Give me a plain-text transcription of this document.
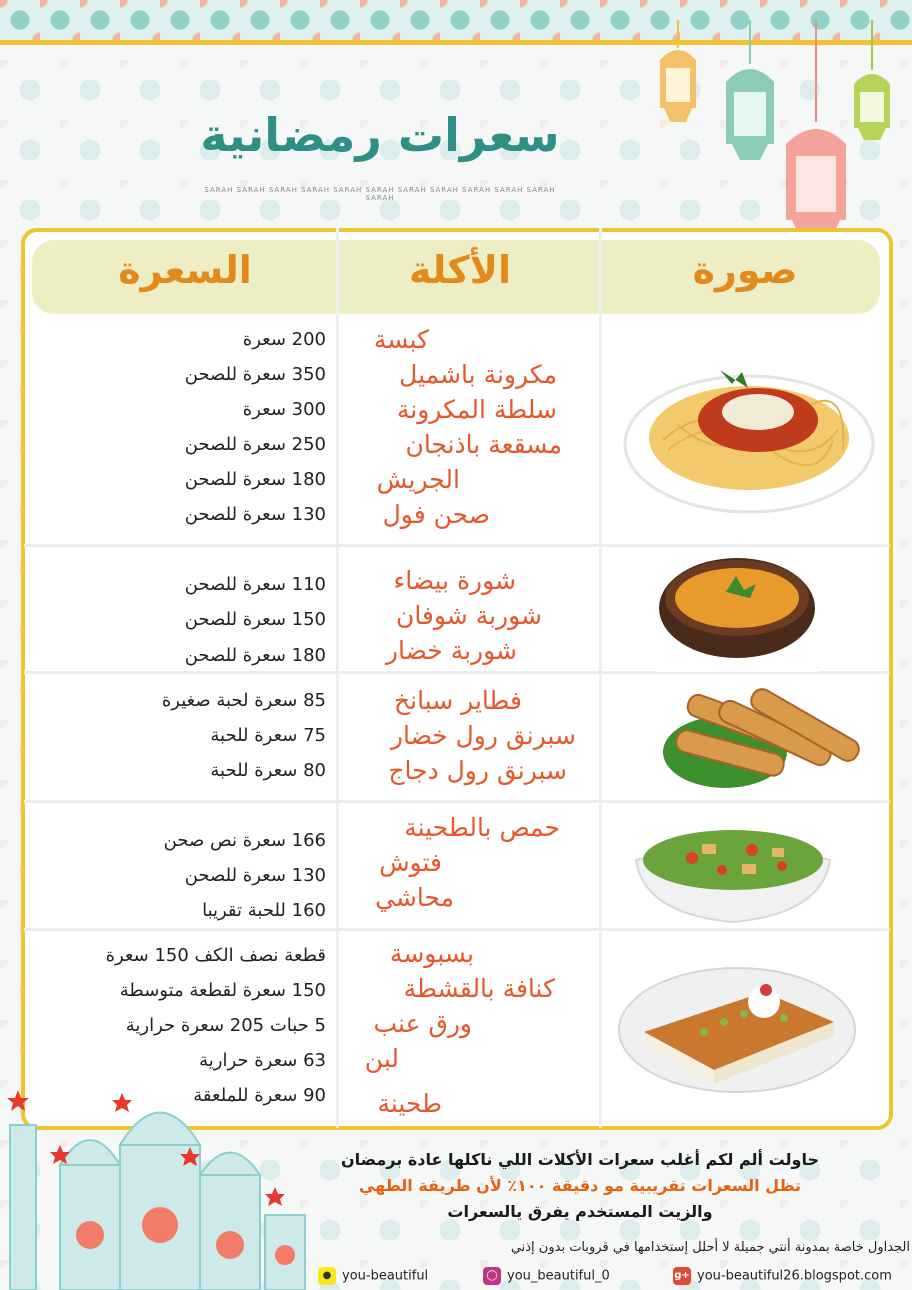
سعرات رمضانية
SARAH SARAH SARAH SARAH SARAH SARAH SARAH SARAH SARAH SARAH SARAH SARAH
صورة
الأكلة
السعرة
كبسة
مكرونة باشميل
سلطة المكرونة
مسقعة باذنجان
الجريش
صحن فول
200 سعرة
350 سعرة للصحن
300 سعرة
250 سعرة للصحن
180 سعرة للصحن
130 سعرة للصحن
شورة بيضاء
شوربة شوفان
شوربة خضار
110 سعرة للصحن
150 سعرة للصحن
180 سعرة للصحن
فطاير سبانخ
سبرنق رول خضار
سبرنق رول دجاج
85 سعرة لحبة صغيرة
75 سعرة للحبة
80 سعرة للحبة
حمص بالطحينة
فتوش
محاشي
166 سعرة نص صحن
130 سعرة للصحن
160 للحبة تقريبا
بسبوسة
كنافة بالقشطة
ورق عنب
لبن
طحينة
قطعة نصف الكف 150 سعرة
150 سعرة لقطعة متوسطة
5 حبات 205 سعرة حرارية
63 سعرة حرارية
90 سعرة للملعقة
حاولت ألم لكم أغلب سعرات الأكلات اللي ناكلها عادة برمضان
تظل السعرات تقريبية مو دقيقة ١٠٠٪ لأن طريقة الطهي
والزيت المستخدم يفرق يالسعرات
الجداول خاصة بمدونة أنتي جميلة لا أحلل إستخدامها في قروبات بدون إذني
● you-beautiful	◯ you_beautiful_0	g+ you-beautiful26.blogspot.com
